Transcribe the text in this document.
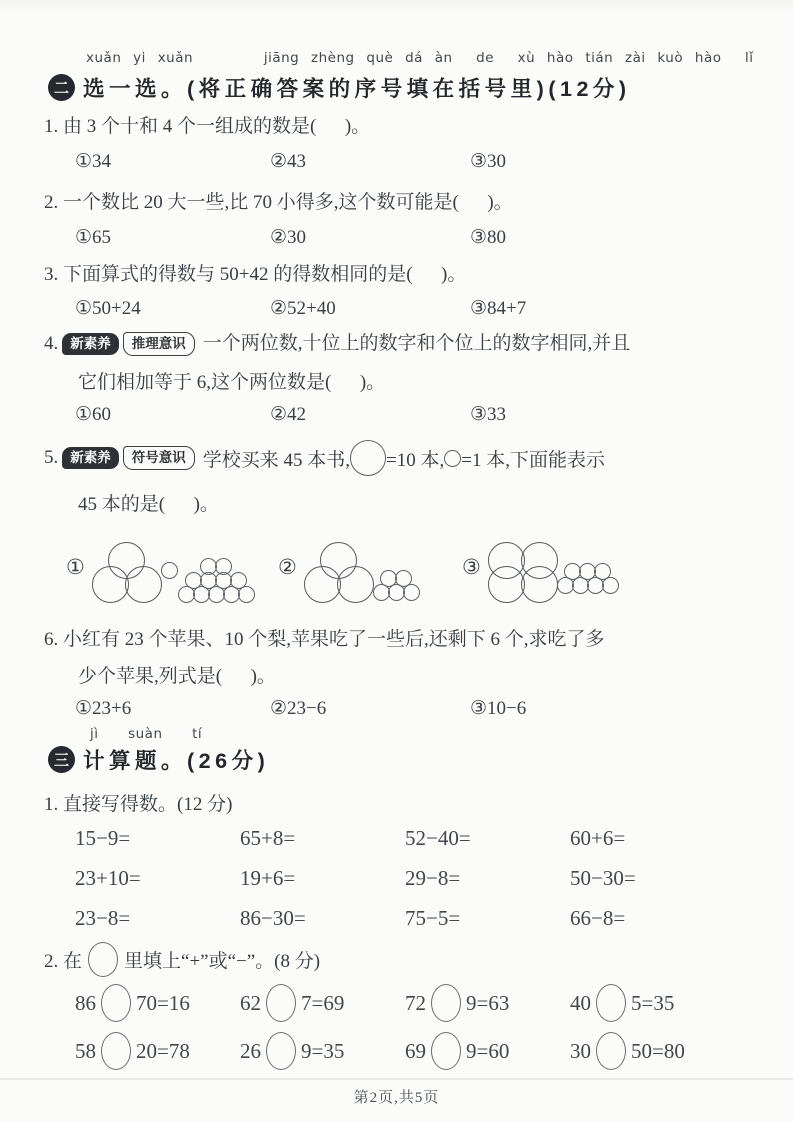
xuǎn yi xuǎn      jiāng zhèng què dá àn  de  xù hào tián zài kuò hào  lǐ
二 选一选。(将正确答案的序号填在括号里)(12分)
1. 由 3 个十和 4 个一组成的数是(      )。
①34	②43	③30
2. 一个数比 20 大一些,比 70 小得多,这个数可能是(      )。
①65	②30	③80
3. 下面算式的得数与 50+42 的得数相同的是(      )。
①50+24	②52+40	③84+7
4. 新素养	推理意识 一个两位数,十位上的数字和个位上的数字相同,并且
它们相加等于 6,这个两位数是(      )。
①60	②42	③33
5. 新素养	符号意识 学校买来 45 本书, =10 本, =1 本,下面能表示
45 本的是(      )。
①	②	③
6. 小红有 23 个苹果、10 个梨,苹果吃了一些后,还剩下 6 个,求吃了多
少个苹果,列式是(      )。
①23+6	②23−6	③10−6
jì  suàn  tí
三 计算题。(26分)
1. 直接写得数。(12 分)
15−9=	65+8=	52−40=	60+6=
23+10=	19+6=	29−8=	50−30=
23−8=	86−30=	75−5=	66−8=
2. 在 里填上“+”或“−”。(8 分)
86 70=16 62 7=69	72 9=63	40 5=35
58 20=78 26 9=35	69 9=60	30 50=80
第2页,共5页
